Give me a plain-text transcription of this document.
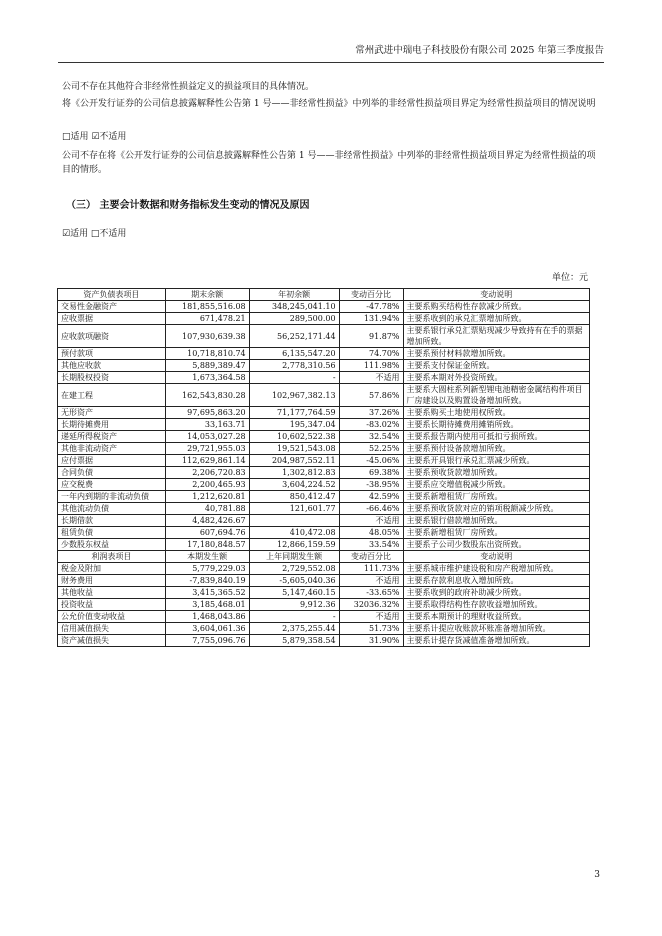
常州武进中瑞电子科技股份有限公司 2025 年第三季度报告
公司不存在其他符合非经常性损益定义的损益项目的具体情况。
将《公开发行证券的公司信息披露解释性公告第 1 号——非经常性损益》中列举的非经常性损益项目界定为经常性损益项目的情况说明
□适用 ☑不适用
公司不存在将《公开发行证券的公司信息披露解释性公告第 1 号——非经常性损益》中列举的非经常性损益项目界定为经常性损益的项目的情形。
（三） 主要会计数据和财务指标发生变动的情况及原因
☑适用 □不适用
单位：元
资产负债表项目	期末余额	年初余额	变动百分比	变动说明
交易性金融资产	181,855,516.08	348,245,041.10	-47.78%	主要系购买结构性存款减少所致。
应收票据	671,478.21	289,500.00	131.94%	主要系收到的承兑汇票增加所致。
应收款项融资	107,930,639.38	56,252,171.44	91.87%	主要系银行承兑汇票贴现减少导致持有在手的票据增加所致。
预付款项	10,718,810.74	6,135,547.20	74.70%	主要系预付材料款增加所致。
其他应收款	5,889,389.47	2,778,310.56	111.98%	主要系支付保证金所致。
长期股权投资	1,673,364.58	-	不适用	主要系本期对外投资所致。
在建工程	162,543,830.28	102,967,382.13	57.86%	主要系大圆柱系列新型锂电池精密金属结构件项目厂房建设以及购置设备增加所致。
无形资产	97,695,863.20	71,177,764.59	37.26%	主要系购买土地使用权所致。
长期待摊费用	33,163.71	195,347.04	-83.02%	主要系长期待摊费用摊销所致。
递延所得税资产	14,053,027.28	10,602,522.38	32.54%	主要系报告期内使用可抵扣亏损所致。
其他非流动资产	29,721,955.03	19,521,543.08	52.25%	主要系预付设备款增加所致。
应付票据	112,629,861.14	204,987,552.11	-45.06%	主要系开具银行承兑汇票减少所致。
合同负债	2,206,720.83	1,302,812.83	69.38%	主要系预收货款增加所致。
应交税费	2,200,465.93	3,604,224.52	-38.95%	主要系应交增值税减少所致。
一年内到期的非流动负债	1,212,620.81	850,412.47	42.59%	主要系新增租赁厂房所致。
其他流动负债	40,781.88	121,601.77	-66.46%	主要系预收货款对应的销项税额减少所致。
长期借款	4,482,426.67		不适用	主要系银行借款增加所致。
租赁负债	607,694.76	410,472.08	48.05%	主要系新增租赁厂房所致。
少数股东权益	17,180,848.57	12,866,159.59	33.54%	主要系子公司少数股东出资所致。
利润表项目	本期发生额	上年同期发生额	变动百分比	变动说明
税金及附加	5,779,229.03	2,729,552.08	111.73%	主要系城市维护建设税和房产税增加所致。
财务费用	-7,839,840.19	-5,605,040.36	不适用	主要系存款利息收入增加所致。
其他收益	3,415,365.52	5,147,460.15	-33.65%	主要系收到的政府补助减少所致。
投资收益	3,185,468.01	9,912.36	32036.32%	主要系取得结构性存款收益增加所致。
公允价值变动收益	1,468,043.86	-	不适用	主要系本期预计的理财收益所致。
信用减值损失	3,604,061.36	2,375,255.44	51.73%	主要系计提应收账款坏账准备增加所致。
资产减值损失	7,755,096.76	5,879,358.54	31.90%	主要系计提存货减值准备增加所致。
3
